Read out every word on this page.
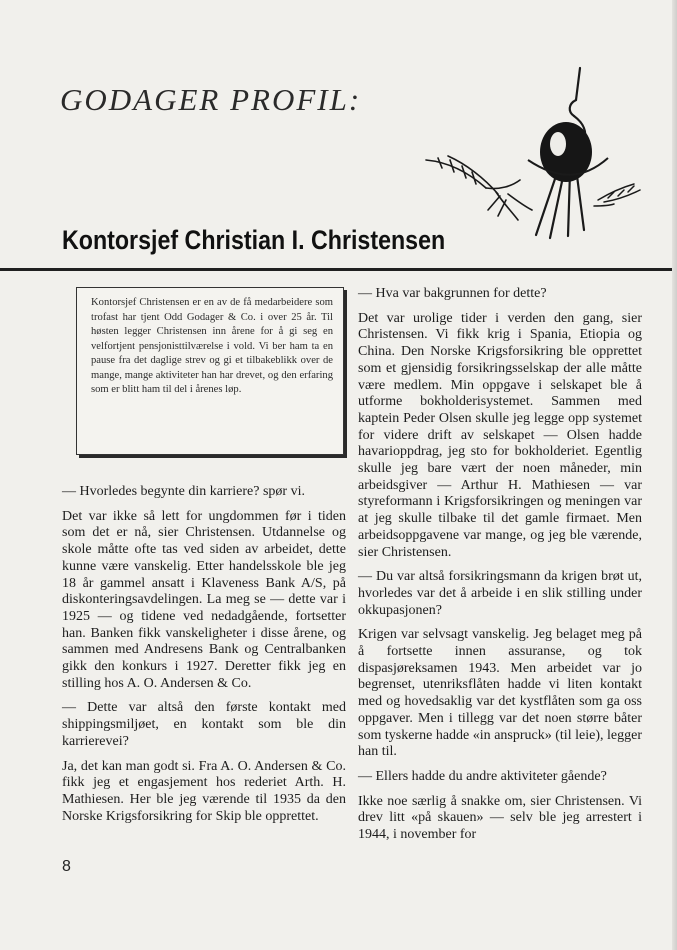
GODAGER PROFIL:
Kontorsjef Christian I. Christensen

Kontorsjef Christensen er en av de få medarbeidere som trofast har tjent Odd Godager & Co. i over 25 år. Til høsten legger Christensen inn årene for å gi seg en velfortjent pensjonisttilværelse i vold. Vi ber ham ta en pause fra det daglige strev og gi et tilbakeblikk over de mange, mange aktiviteter han har drevet, og den erfaring som er blitt ham til del i årenes løp.

— Hvorledes begynte din karriere? spør vi.

Det var ikke så lett for ungdommen før i tiden som det er nå, sier Christensen. Utdannelse og skole måtte ofte tas ved siden av arbeidet, dette kunne være vanskelig. Etter handelsskole ble jeg 18 år gammel ansatt i Klaveness Bank A/S, på diskonteringsavdelingen. La meg se — dette var i 1925 — og tidene ved nedadgående, fortsetter han. Banken fikk vanskeligheter i disse årene, og sammen med Andresens Bank og Centralbanken gikk den konkurs i 1927. Deretter fikk jeg en stilling hos A. O. Andersen & Co.

— Dette var altså den første kontakt med shippingsmiljøet, en kontakt som ble din karrierevei?

Ja, det kan man godt si. Fra A. O. Andersen & Co. fikk jeg et engasjement hos rederiet Arth. H. Mathiesen. Her ble jeg værende til 1935 da den Norske Krigsforsikring for Skip ble opprettet.

— Hva var bakgrunnen for dette?

Det var urolige tider i verden den gang, sier Christensen. Vi fikk krig i Spania, Etiopia og China. Den Norske Krigsforsikring ble opprettet som et gjensidig forsikringsselskap der alle måtte være medlem. Min oppgave i selskapet ble å utforme bokholderisystemet. Sammen med kaptein Peder Olsen skulle jeg legge opp systemet for videre drift av selskapet — Olsen hadde havarioppdrag, jeg sto for bokholderiet. Egentlig skulle jeg bare vært der noen måneder, min arbeidsgiver — Arthur H. Mathiesen — var styreformann i Krigsforsikringen og meningen var at jeg skulle tilbake til det gamle firmaet. Men arbeidsoppgavene var mange, og jeg ble værende, sier Christensen.

— Du var altså forsikringsmann da krigen brøt ut, hvorledes var det å arbeide i en slik stilling under okkupasjonen?

Krigen var selvsagt vanskelig. Jeg belaget meg på å fortsette innen assuranse, og tok dispasjøreksamen 1943. Men arbeidet var jo begrenset, utenriksflåten hadde vi liten kontakt med og hovedsaklig var det kystflåten som ga oss oppgaver. Men i tillegg var det noen større båter som tyskerne hadde «in anspruck» (til leie), legger han til.

— Ellers hadde du andre aktiviteter gående?

Ikke noe særlig å snakke om, sier Christensen. Vi drev litt «på skauen» — selv ble jeg arrestert i 1944, i november for

8
